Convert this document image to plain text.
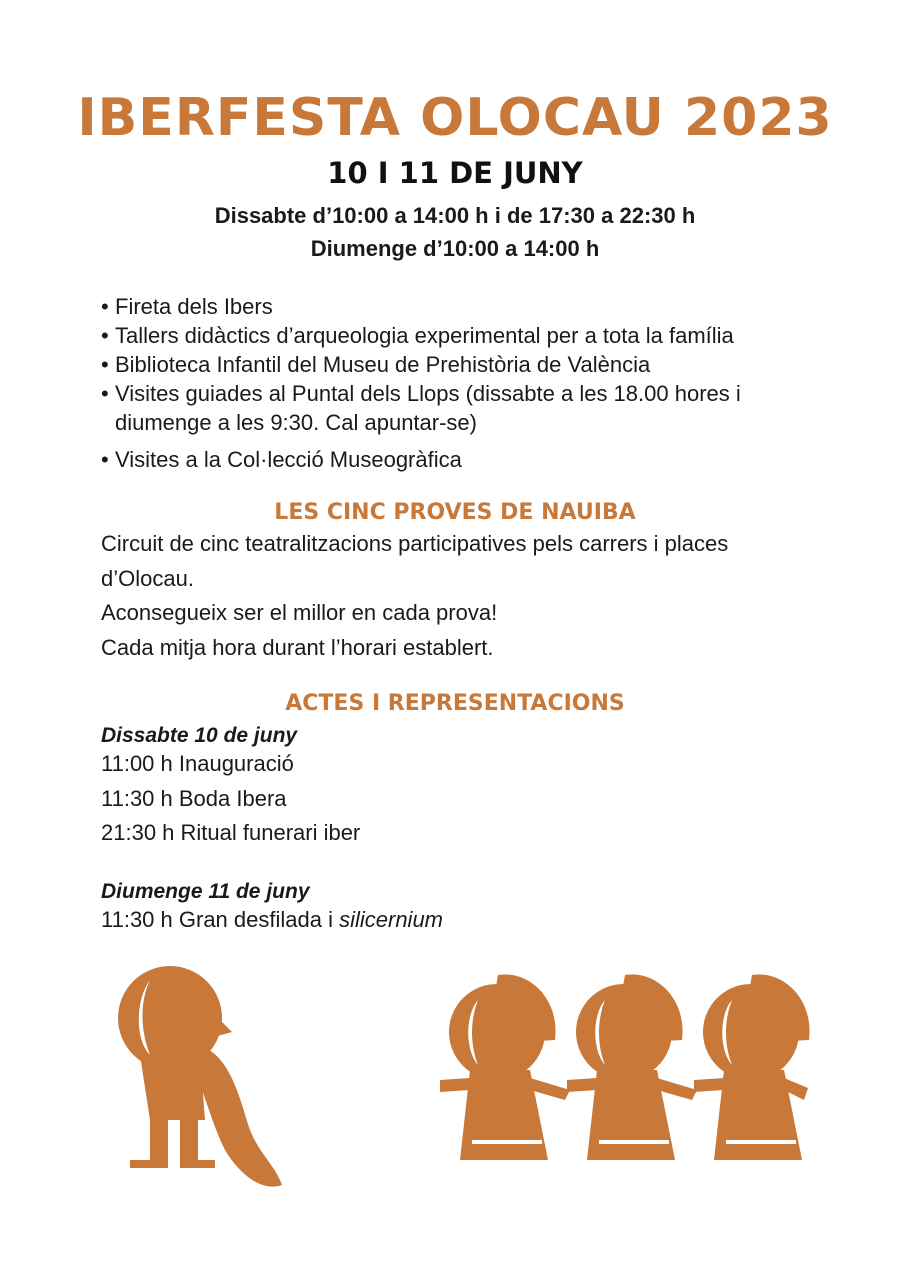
IBERFESTA OLOCAU 2023
10 I 11 DE JUNY
Dissabte d’10:00 a 14:00 h i de 17:30 a 22:30 h
Diumenge d’10:00 a 14:00 h
• Fireta dels Ibers
• Tallers didàctics d’arqueologia experimental per a tota la família
• Biblioteca Infantil del Museu de Prehistòria de València
• Visites guiades al Puntal dels Llops (dissabte a les 18.00 hores i diumenge a les 9:30. Cal apuntar-se)
• Visites a la Col·lecció Museogràfica
LES CINC PROVES DE NAUIBA
Circuit de cinc teatralitzacions participatives pels carrers i places
d’Olocau.
Aconsegueix ser el millor en cada prova!
Cada mitja hora durant l’horari establert.
ACTES I REPRESENTACIONS
Dissabte 10 de juny
11:00 h Inauguració
11:30 h Boda Ibera
21:30 h Ritual funerari iber
Diumenge 11 de juny
11:30 h Gran desfilada i silicernium
